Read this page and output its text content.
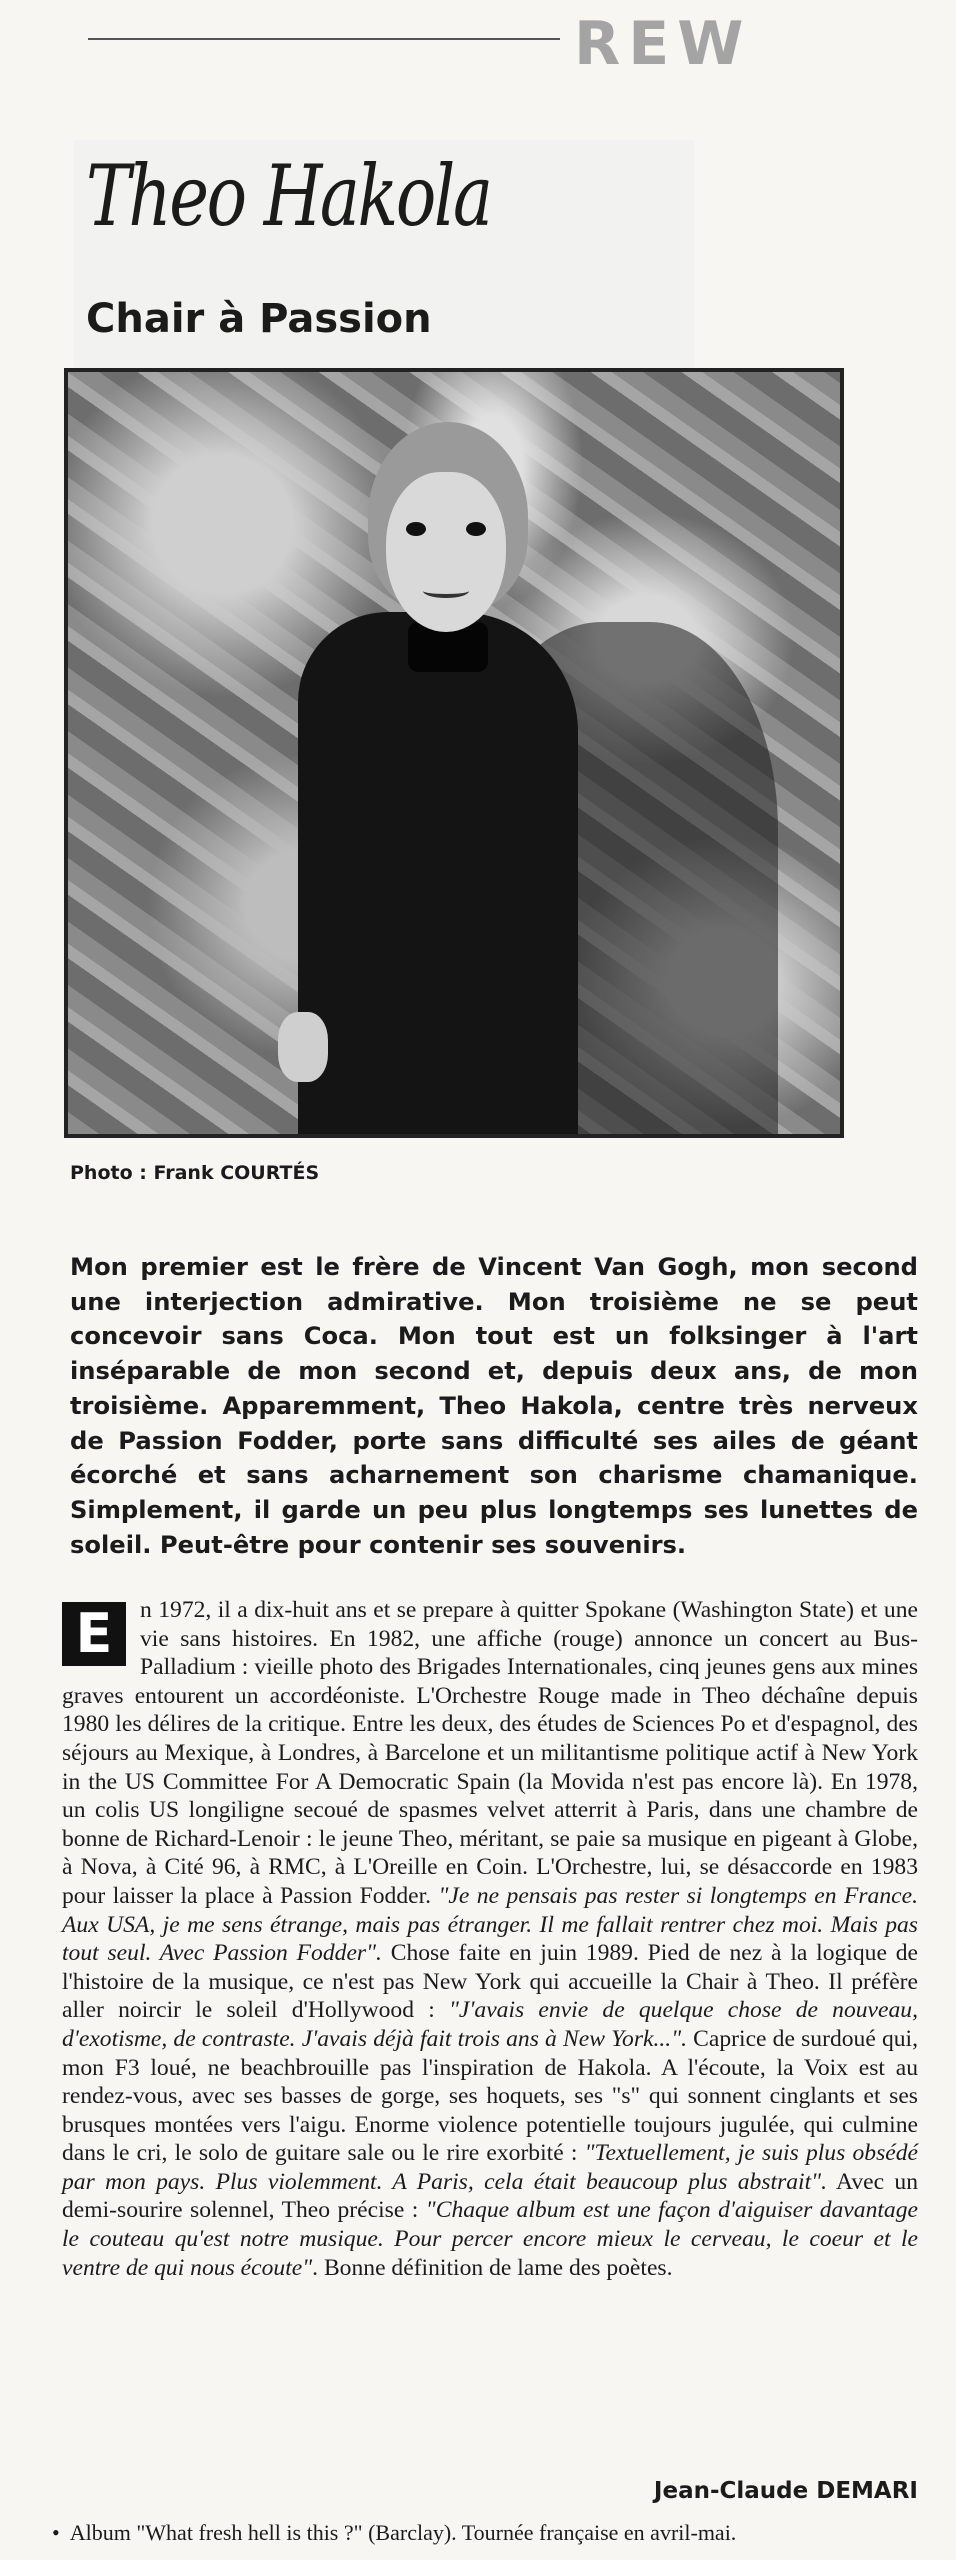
REW
Theo Hakola
Chair à Passion
Photo : Frank COURTÉS
Mon premier est le frère de Vincent Van Gogh, mon second une interjection admirative. Mon troisième ne se peut concevoir sans Coca. Mon tout est un folksinger à l'art inséparable de mon second et, depuis deux ans, de mon troisième. Apparemment, Theo Hakola, centre très nerveux de Passion Fodder, porte sans difficulté ses ailes de géant écorché et sans acharnement son charisme chamanique. Simplement, il garde un peu plus longtemps ses lunettes de soleil. Peut-être pour contenir ses souvenirs.
E	n 1972, il a dix-huit ans et se prepare à quitter Spokane (Washington State) et une vie sans histoires. En 1982, une affiche (rouge) annonce un concert au Bus-Palladium : vieille photo des Brigades Internationales, cinq jeunes gens aux mines graves entourent un accordéoniste. L'Orchestre Rouge made in Theo déchaîne depuis 1980 les délires de la critique. Entre les deux, des études de Sciences Po et d'espagnol, des séjours au Mexique, à Londres, à Barcelone et un militantisme politique actif à New York in the US Committee For A Democratic Spain (la Movida n'est pas encore là). En 1978, un colis US longiligne secoué de spasmes velvet atterrit à Paris, dans une chambre de bonne de Richard-Lenoir : le jeune Theo, méritant, se paie sa musique en pigeant à Globe, à Nova, à Cité 96, à RMC, à L'Oreille en Coin. L'Orchestre, lui, se désaccorde en 1983 pour laisser la place à Passion Fodder. "Je ne pensais pas rester si longtemps en France. Aux USA, je me sens étrange, mais pas étranger. Il me fallait rentrer chez moi. Mais pas tout seul. Avec Passion Fodder". Chose faite en juin 1989. Pied de nez à la logique de l'histoire de la musique, ce n'est pas New York qui accueille la Chair à Theo. Il préfère aller noircir le soleil d'Hollywood : "J'avais envie de quelque chose de nouveau, d'exotisme, de contraste. J'avais déjà fait trois ans à New York...". Caprice de surdoué qui, mon F3 loué, ne beachbrouille pas l'inspiration de Hakola. A l'écoute, la Voix est au rendez-vous, avec ses basses de gorge, ses hoquets, ses "s" qui sonnent cinglants et ses brusques montées vers l'aigu. Enorme violence potentielle toujours jugulée, qui culmine dans le cri, le solo de guitare sale ou le rire exorbité : "Textuellement, je suis plus obsédé par mon pays. Plus violemment. A Paris, cela était beaucoup plus abstrait". Avec un demi-sourire solennel, Theo précise : "Chaque album est une façon d'aiguiser davantage le couteau qu'est notre musique. Pour percer encore mieux le cerveau, le coeur et le ventre de qui nous écoute". Bonne définition de lame des poètes.

Jean-Claude DEMARI
• Album "What fresh hell is this ?" (Barclay). Tournée française en avril-mai.
